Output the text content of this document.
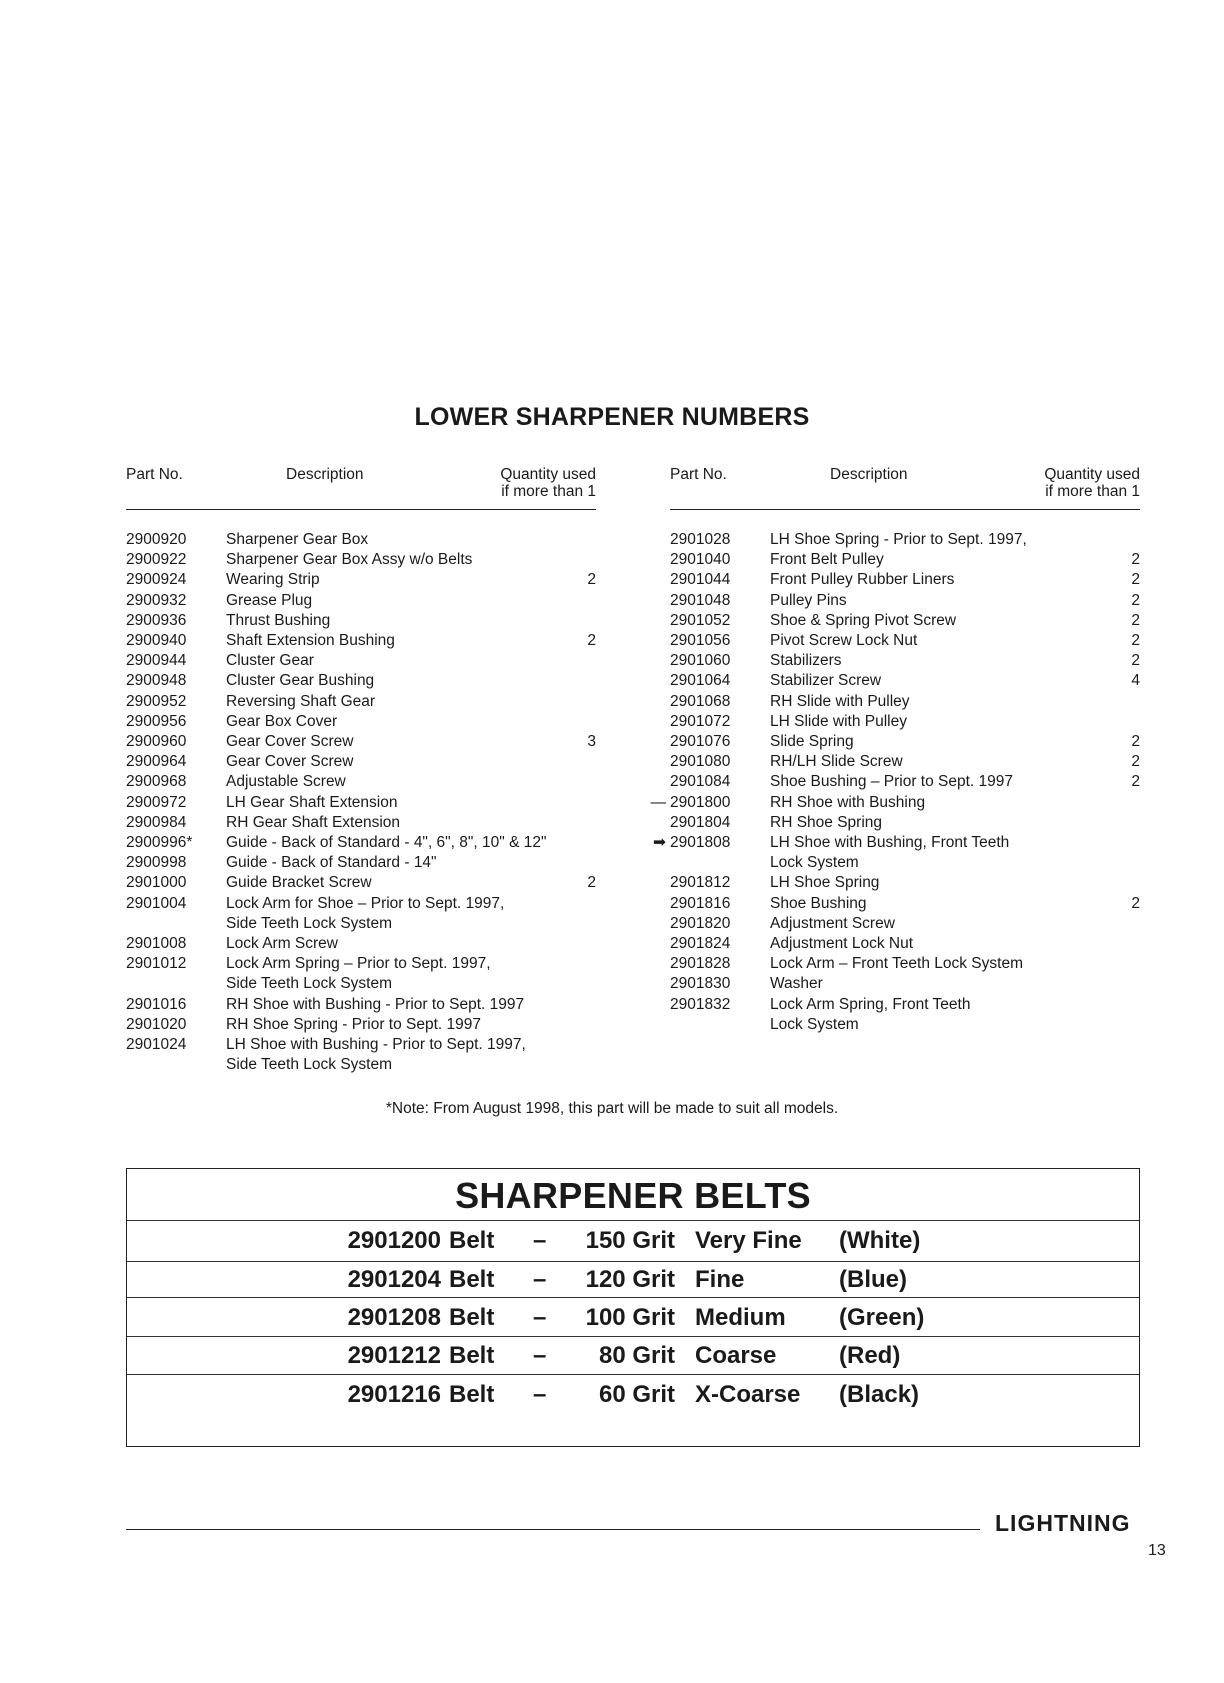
LOWER SHARPENER NUMBERS
Part No.	Description	Quantity used
if more than 1
2900920	Sharpener Gear Box
2900922	Sharpener Gear Box Assy w/o Belts
2900924	Wearing Strip	2
2900932	Grease Plug
2900936	Thrust Bushing
2900940	Shaft Extension Bushing	2
2900944	Cluster Gear
2900948	Cluster Gear Bushing
2900952	Reversing Shaft Gear
2900956	Gear Box Cover
2900960	Gear Cover Screw	3
2900964	Gear Cover Screw
2900968	Adjustable Screw
2900972	LH Gear Shaft Extension
2900984	RH Gear Shaft Extension
2900996*	Guide - Back of Standard - 4", 6", 8", 10" & 12"
2900998	Guide - Back of Standard - 14"
2901000	Guide Bracket Screw	2
2901004	Lock Arm for Shoe – Prior to Sept. 1997,
Side Teeth Lock System
2901008	Lock Arm Screw
2901012	Lock Arm Spring – Prior to Sept. 1997,
Side Teeth Lock System
2901016	RH Shoe with Bushing - Prior to Sept. 1997
2901020	RH Shoe Spring - Prior to Sept. 1997
2901024	LH Shoe with Bushing - Prior to Sept. 1997,
Side Teeth Lock System
Part No.	Description	Quantity used
if more than 1
2901028	LH Shoe Spring - Prior to Sept. 1997,
2901040	Front Belt Pulley	2
2901044	Front Pulley Rubber Liners	2
2901048	Pulley Pins	2
2901052	Shoe & Spring Pivot Screw	2
2901056	Pivot Screw Lock Nut	2
2901060	Stabilizers	2
2901064	Stabilizer Screw	4
2901068	RH Slide with Pulley
2901072	LH Slide with Pulley
2901076	Slide Spring	2
2901080	RH/LH Slide Screw	2
2901084	Shoe Bushing – Prior to Sept. 1997	2
— 2901800	RH Shoe with Bushing
2901804	RH Shoe Spring
➡ 2901808	LH Shoe with Bushing, Front Teeth
Lock System
2901812	LH Shoe Spring
2901816	Shoe Bushing	2
2901820	Adjustment Screw
2901824	Adjustment Lock Nut
2901828	Lock Arm – Front Teeth Lock System
2901830	Washer
2901832	Lock Arm Spring, Front Teeth
Lock System
*Note: From August 1998, this part will be made to suit all models.
SHARPENER BELTS
2901200 Belt –	150 Grit Very Fine (White)
2901204 Belt –	120 Grit Fine	(Blue)
2901208 Belt –	100 Grit Medium (Green)
2901212 Belt –	80 Grit Coarse	(Red)
2901216 Belt –	60 Grit X-Coarse (Black)
LIGHTNING
13
